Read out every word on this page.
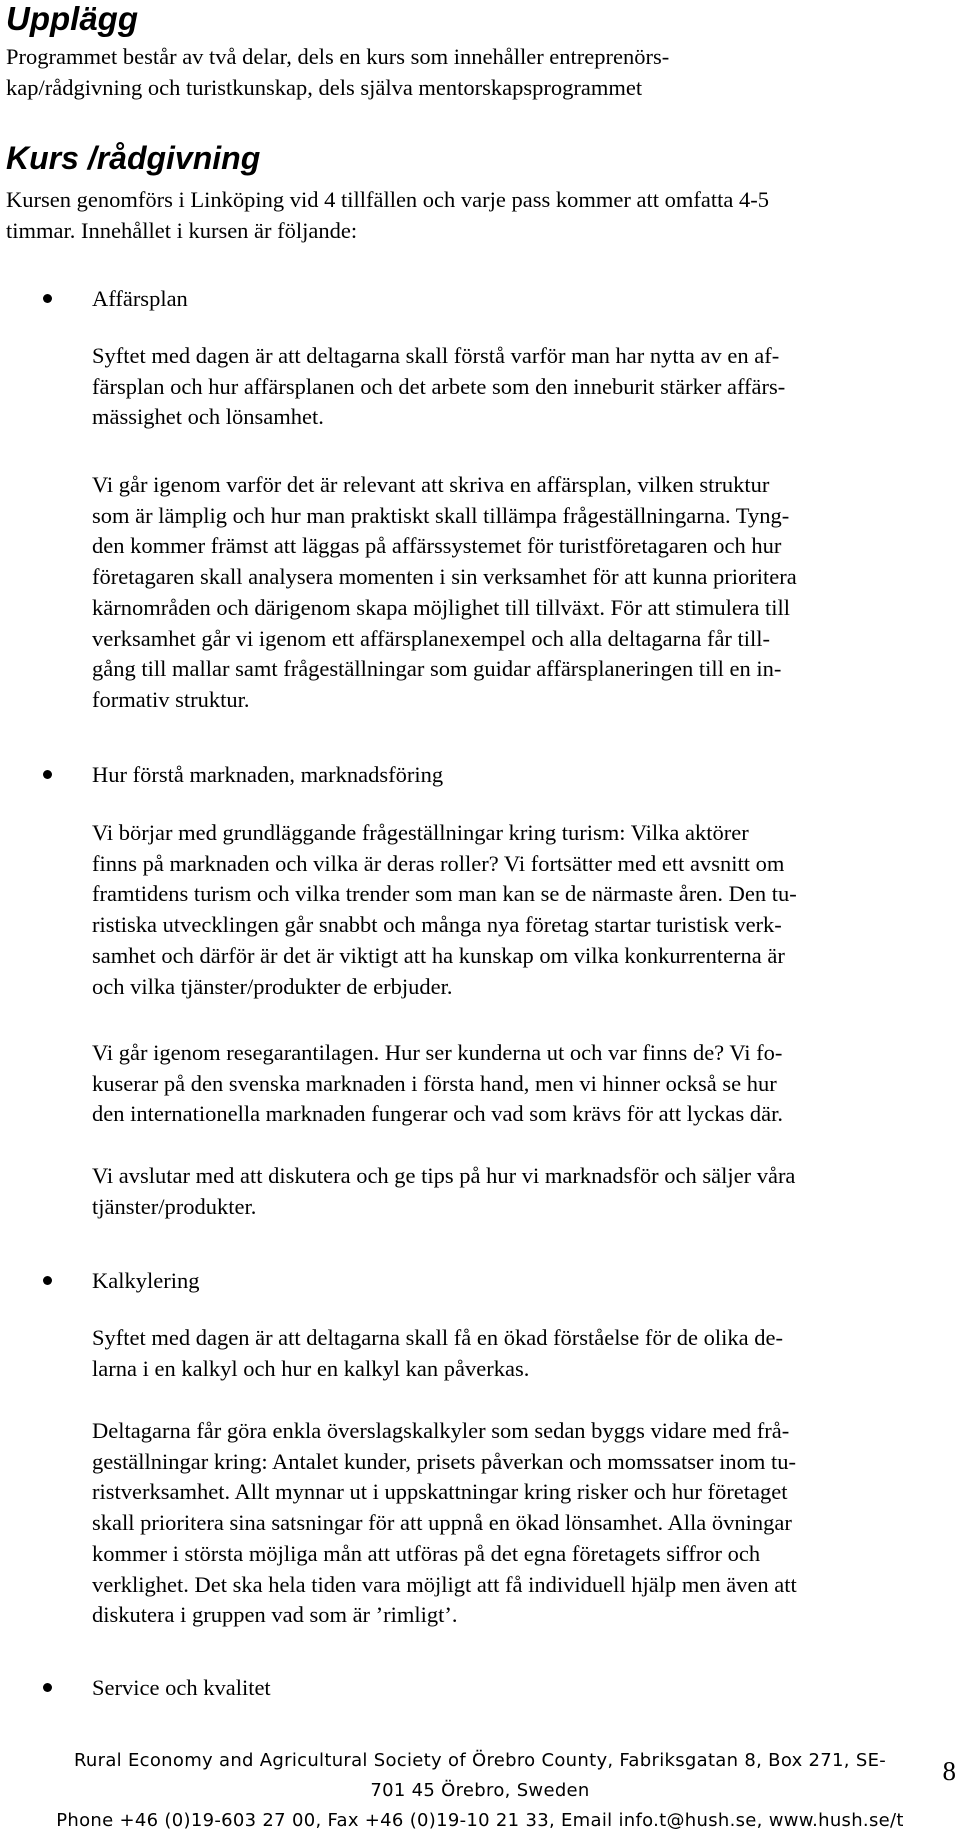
Upplägg

Programmet består av två delar, dels en kurs som innehåller entreprenörs-
kap/rådgivning och turistkunskap, dels själva mentorskapsprogrammet

Kurs /rådgivning

Kursen genomförs i Linköping vid 4 tillfällen och varje pass kommer att omfatta 4-5
timmar. Innehållet i kursen är följande:

Affärsplan

Syftet med dagen är att deltagarna skall förstå varför man har nytta av en af-
färsplan och hur affärsplanen och det arbete som den inneburit stärker affärs-
mässighet och lönsamhet.

Vi går igenom varför det är relevant att skriva en affärsplan, vilken struktur
som är lämplig och hur man praktiskt skall tillämpa frågeställningarna. Tyng-
den kommer främst att läggas på affärssystemet för turistföretagaren och hur
företagaren skall analysera momenten i sin verksamhet för att kunna prioritera
kärnområden och därigenom skapa möjlighet till tillväxt. För att stimulera till
verksamhet går vi igenom ett affärsplanexempel och alla deltagarna får till-
gång till mallar samt frågeställningar som guidar affärsplaneringen till en in-
formativ struktur.

Hur förstå marknaden, marknadsföring

Vi börjar med grundläggande frågeställningar kring turism: Vilka aktörer
finns på marknaden och vilka är deras roller? Vi fortsätter med ett avsnitt om
framtidens turism och vilka trender som man kan se de närmaste åren. Den tu-
ristiska utvecklingen går snabbt och många nya företag startar turistisk verk-
samhet och därför är det är viktigt att ha kunskap om vilka konkurrenterna är
och vilka tjänster/produkter de erbjuder.

Vi går igenom resegarantilagen. Hur ser kunderna ut och var finns de? Vi fo-
kuserar på den svenska marknaden i första hand, men vi hinner också se hur
den internationella marknaden fungerar och vad som krävs för att lyckas där.

Vi avslutar med att diskutera och ge tips på hur vi marknadsför och säljer våra
tjänster/produkter.

Kalkylering

Syftet med dagen är att deltagarna skall få en ökad förståelse för de olika de-
larna i en kalkyl och hur en kalkyl kan påverkas.

Deltagarna får göra enkla överslagskalkyler som sedan byggs vidare med frå-
geställningar kring: Antalet kunder, prisets påverkan och momssatser inom tu-
ristverksamhet. Allt mynnar ut i uppskattningar kring risker och hur företaget
skall prioritera sina satsningar för att uppnå en ökad lönsamhet. Alla övningar
kommer i största möjliga mån att utföras på det egna företagets siffror och
verklighet. Det ska hela tiden vara möjligt att få individuell hjälp men även att
diskutera i gruppen vad som är ’rimligt’.

Service och kvalitet
Rural Economy and Agricultural Society of Örebro County, Fabriksgatan 8, Box 271, SE-
701 45 Örebro, Sweden
Phone +46 (0)19-603 27 00, Fax +46 (0)19-10 21 33, Email info.t@hush.se, www.hush.se/t
8
